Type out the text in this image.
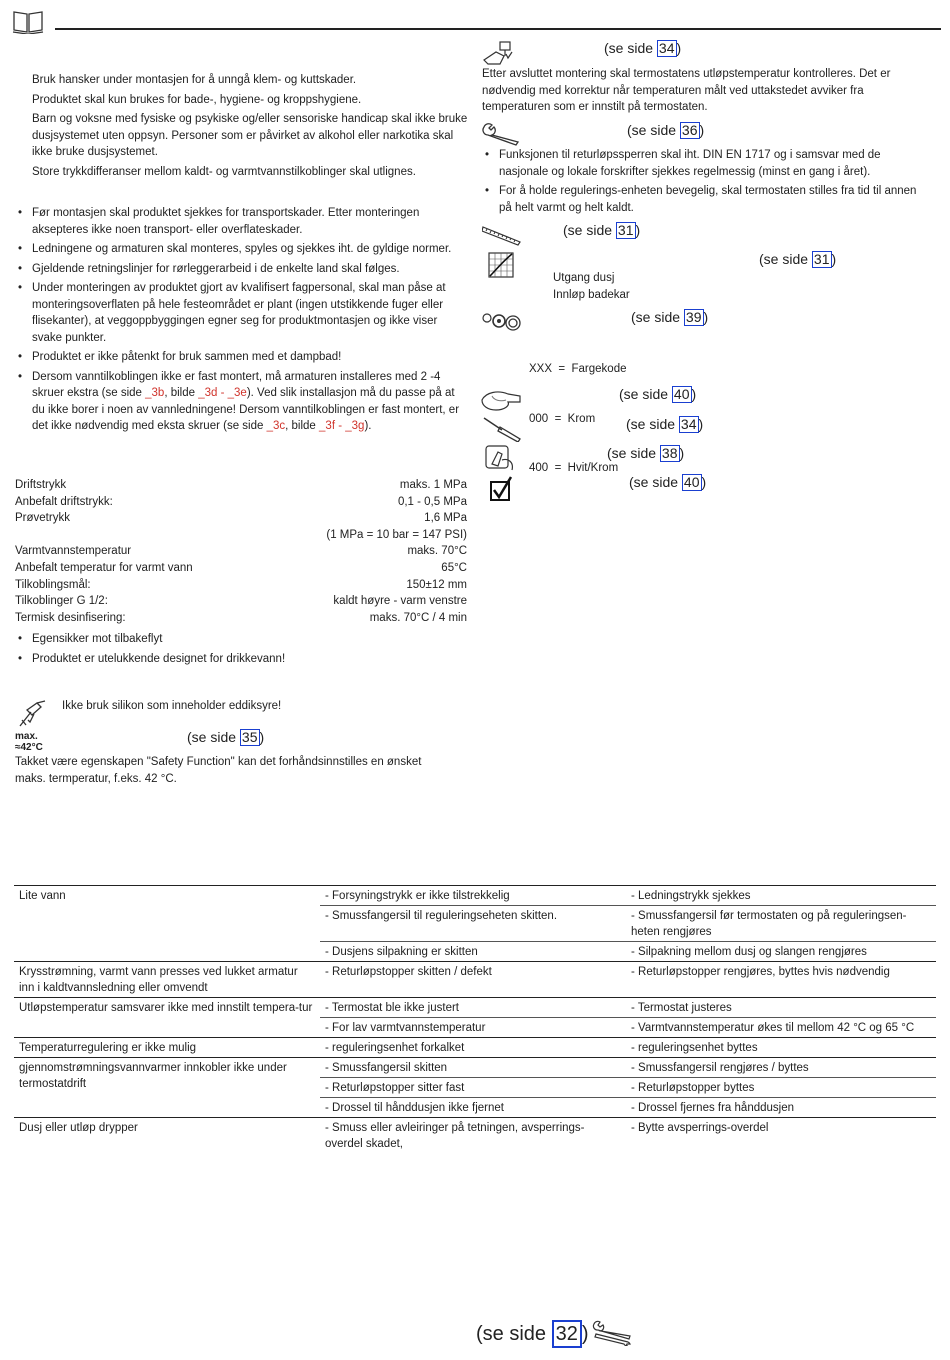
Bruk hansker under montasjen for å unngå klem- og kuttskader.

Produktet skal kun brukes for bade-, hygiene- og kroppshygiene.

Barn og voksne med fysiske og psykiske og/eller sensoriske handicap skal ikke bruke dusjsystemet uten oppsyn. Personer som er påvirket av alkohol eller narkotika skal ikke bruke dusjsystemet.

Store trykkdifferanser mellom kaldt- og varmtvannstilkoblinger skal utlignes.

• Før montasjen skal produktet sjekkes for transportskader. Etter monteringen aksepteres ikke noen transport- eller overflateskader.
• Ledningene og armaturen skal monteres, spyles og sjekkes iht. de gyldige normer.
• Gjeldende retningslinjer for rørleggerarbeid i de enkelte land skal følges.
• Under monteringen av produktet gjort av kvalifisert fagpersonal, skal man påse at monteringsoverflaten på hele festeområdet er plant (ingen utstikkende fuger eller flisekanter), at veggoppbyggingen egner seg for produktmontasjen og ikke viser svake punkter.
• Produktet er ikke påtenkt for bruk sammen med et dampbad!
• Dersom vanntilkoblingen ikke er fast montert, må armaturen installeres med 2 -4 skruer ekstra (se side _3b, bilde _3d - _3e). Ved slik installasjon må du passe på at du ikke borer i noen av vannledningene! Dersom vanntilkoblingen er fast montert, er det ikke nødvendig med eksta skruer (se side _3c, bilde _3f - _3g).
Driftstrykk	maks. 1 MPa
Anbefalt driftstrykk:	0,1 - 0,5 MPa
Prøvetrykk	1,6 MPa
(1 MPa = 10 bar = 147 PSI)
Varmtvannstemperatur	maks. 70°C
Anbefalt temperatur for varmt vann	65°C
Tilkoblingsmål:	150±12 mm
Tilkoblinger G 1/2:	kaldt høyre - varm venstre
Termisk desinfisering:	maks. 70°C / 4 min
• Egensikker mot tilbakeflyt
• Produktet er utelukkende designet for drikkevann!
Ikke bruk silikon som inneholder eddiksyre!
max.
≈42°C
(se side 35 )

Takket være egenskapen "Safety Function" kan det forhåndsinnstilles en ønsket maks. termperatur, f.eks. 42 °C.

(se side 34 )

Etter avsluttet montering skal termostatens utløpstemperatur kontrolleres. Det er nødvendig med korrektur når temperaturen målt ved uttakstedet avviker fra temperaturen som er innstilt på termostaten.

(se side 36 )
• Funksjonen til returløpssperren skal iht. DIN EN 1717 og i samsvar med de nasjonale og lokale forskrifter sjekkes regelmessig (minst en gang i året).
• For å holde regulerings-enheten bevegelig, skal termostaten stilles fra tid til annen på helt varmt og helt kaldt.
(se side 31 )
(se side 31 )
Utgang dusj
Innløp badekar
(se side 39 )

XXX  =  Fargekode

000  =  Krom

400  =  Hvit/Krom

(se side 40 )
(se side 34 )
(se side 38 )
(se side 40 )
Lite vann	- Forsyningstrykk er ikke tilstrekkelig	- Ledningstrykk sjekkes
	- Smussfangersil til reguleringseheten skitten.	- Smussfangersil før termostaten og på reguleringsen-heten rengjøres
	- Dusjens silpakning er skitten	- Silpakning mellom dusj og slangen rengjøres
Krysstrømning, varmt vann presses ved lukket armatur inn i kaldtvannsledning eller omvendt	- Returløpstopper skitten / defekt	- Returløpstopper rengjøres, byttes hvis nødvendig
Utløpstemperatur samsvarer ikke med innstilt tempera-tur	- Termostat ble ikke justert	- Termostat justeres
	- For lav varmtvannstemperatur	- Varmtvannstemperatur økes til mellom 42 °C og 65 °C
Temperaturregulering er ikke mulig	- reguleringsenhet forkalket	- reguleringsenhet byttes
gjennomstrømningsvannvarmer innkobler ikke under termostatdrift	- Smussfangersil skitten	- Smussfangersil rengjøres / byttes
	- Returløpstopper sitter fast	- Returløpstopper byttes
	- Drossel til hånddusjen ikke fjernet	- Drossel fjernes fra hånddusjen
Dusj eller utløp drypper	- Smuss eller avleiringer på tetningen, avsperrings-overdel skadet,	- Bytte avsperrings-overdel
(se side 32 )
